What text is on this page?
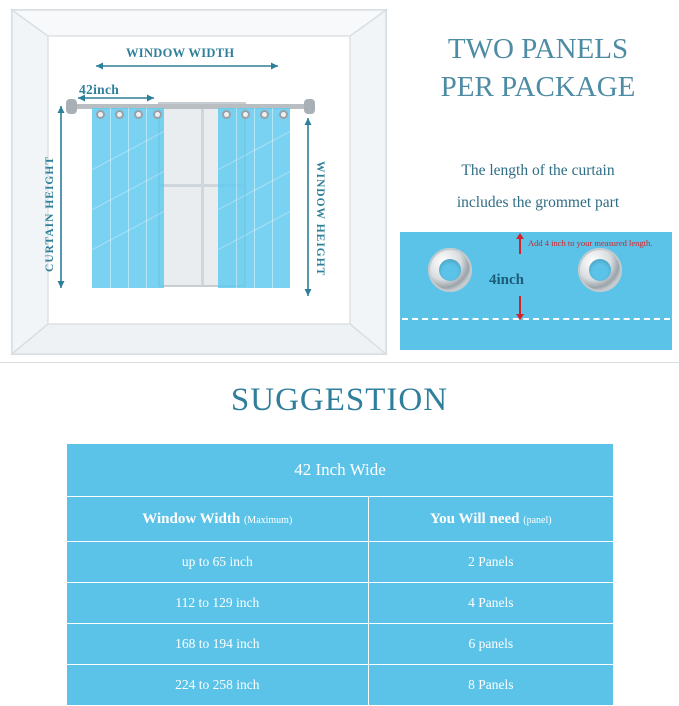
WINDOW WIDTH
42inch
CURTAIN HEIGHT	WINDOW HEIGHT
TWO PANELS
PER PACKAGE
The length of the curtain
includes the grommet part
Add 4 inch to your measured length.
4inch
SUGGESTION
42 Inch Wide	
Window Width (Maximum)	You Will need (panel)
up to 65 inch	2 Panels
112 to 129 inch	4 Panels
168 to 194 inch	6 panels
224 to 258 inch	8 Panels
